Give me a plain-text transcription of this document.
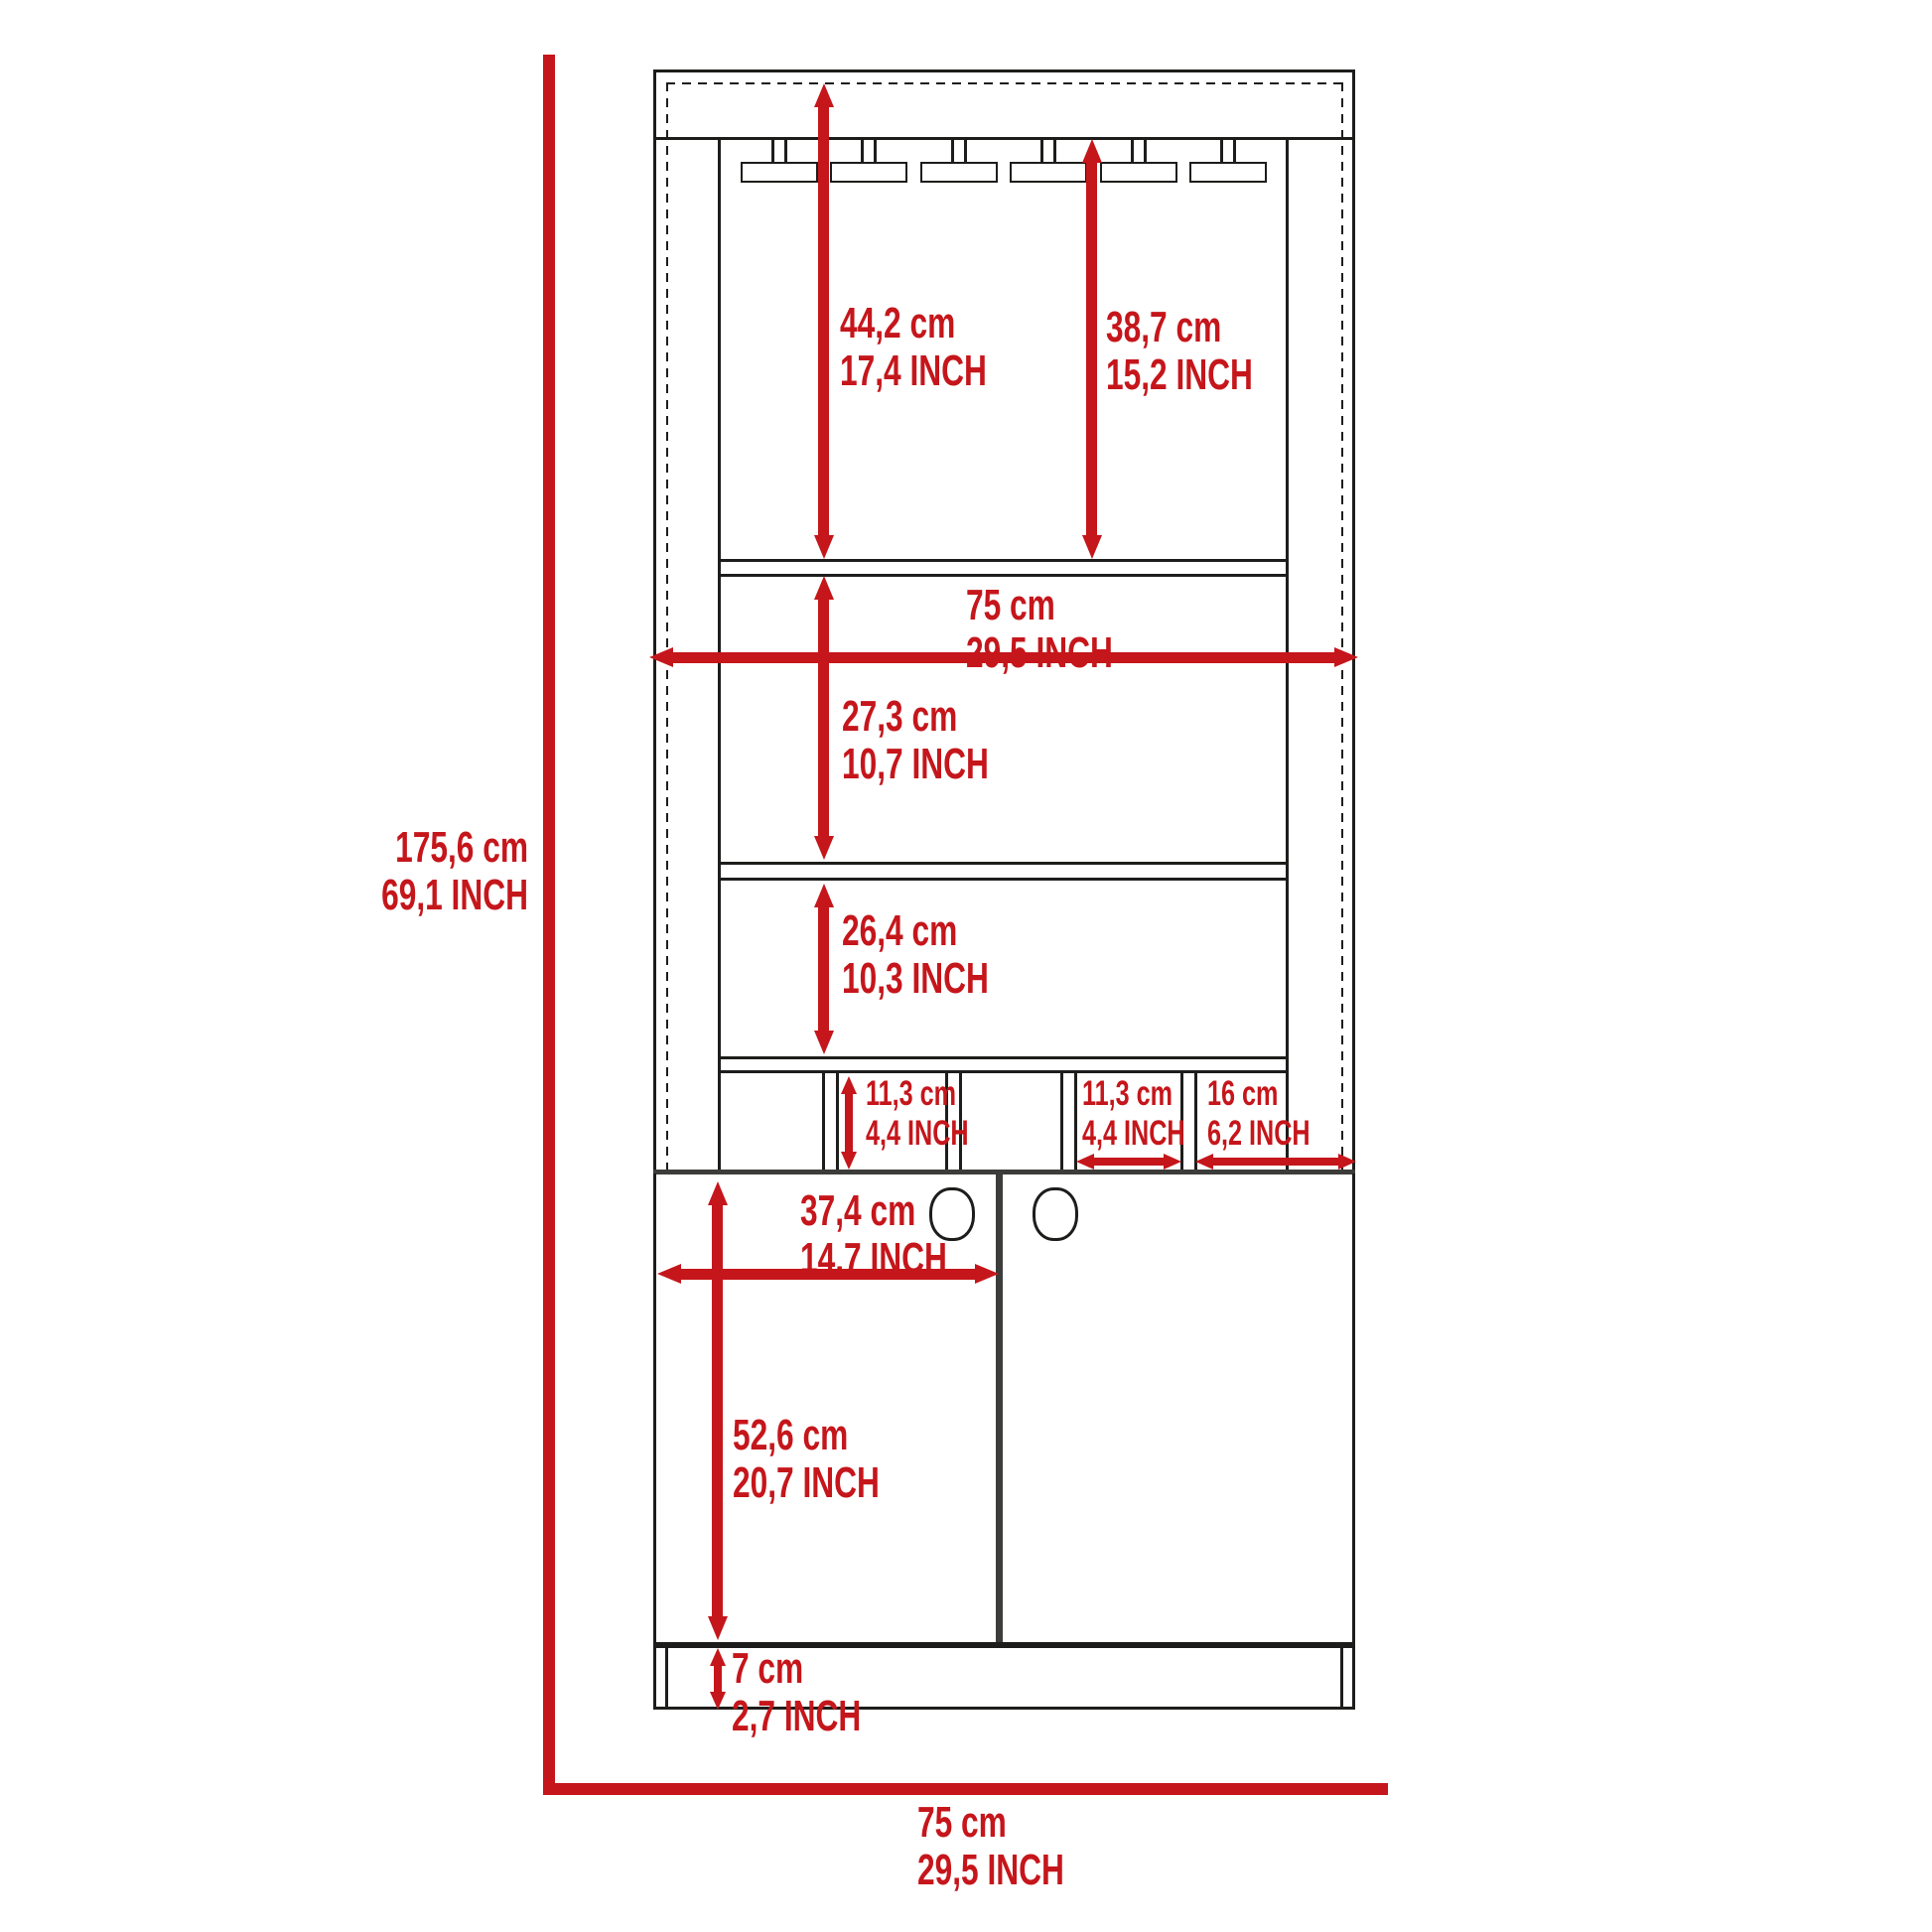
44,2 cm
17,4 INCH
38,7 cm
15,2 INCH
75 cm
29,5 INCH
27,3 cm
10,7 INCH
26,4 cm
10,3 INCH
11,3 cm
4,4 INCH
11,3 cm
4,4 INCH
16 cm
6,2 INCH
37,4 cm
14,7 INCH
52,6 cm
20,7 INCH
7 cm
2,7 INCH
175,6 cm
69,1 INCH
75 cm
29,5 INCH
